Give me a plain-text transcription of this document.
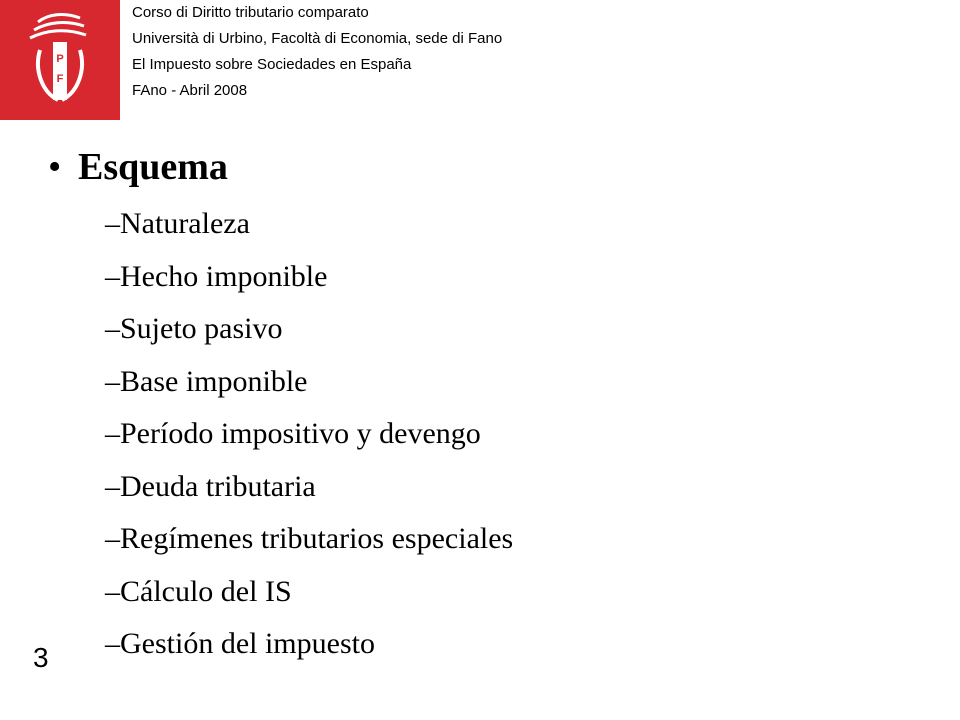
P
F
Corso di Diritto tributario comparato
Università di Urbino, Facoltà di Economia, sede di Fano
El Impuesto sobre Sociedades en España
FAno - Abril 2008
• Esquema
– Naturaleza
– Hecho imponible
– Sujeto pasivo
– Base imponible
– Período impositivo y devengo
– Deuda tributaria
– Regímenes tributarios especiales
– Cálculo del IS
– Gestión del impuesto
3
